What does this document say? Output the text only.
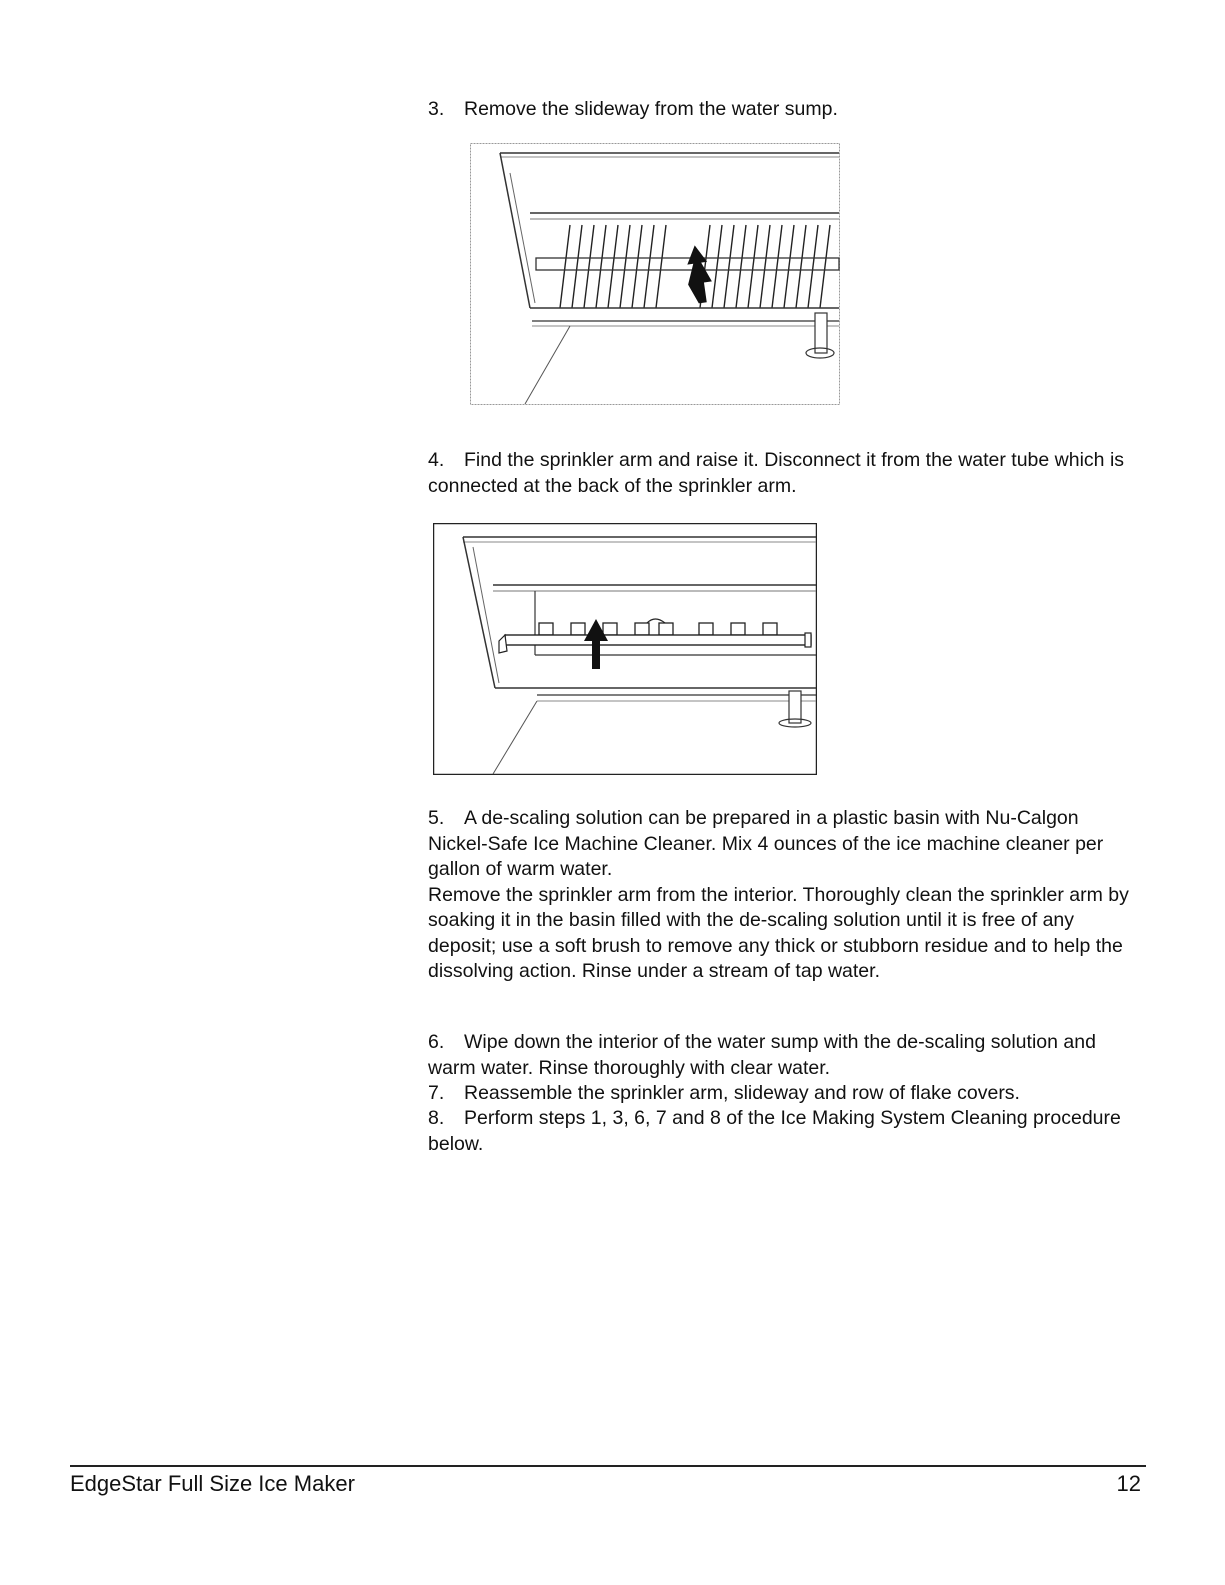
3. Remove the slideway from the water sump.

4. Find the sprinkler arm and raise it. Disconnect it from the water tube which is connected at the back of the sprinkler arm.

5. A de-scaling solution can be prepared in a plastic basin with Nu-Calgon Nickel-Safe Ice Machine Cleaner. Mix 4 ounces of the ice machine cleaner per gallon of warm water.
Remove the sprinkler arm from the interior. Thoroughly clean the sprinkler arm by soaking it in the basin filled with the de-scaling solution until it is free of any deposit; use a soft brush to remove any thick or stubborn residue and to help the dissolving action. Rinse under a stream of tap water.

6. Wipe down the interior of the water sump with the de-scaling solution and warm water. Rinse thoroughly with clear water.

7. Reassemble the sprinkler arm, slideway and row of flake covers.

8. Perform steps 1, 3, 6, 7 and 8 of the Ice Making System Cleaning procedure below.

EdgeStar Full Size Ice Maker	12
